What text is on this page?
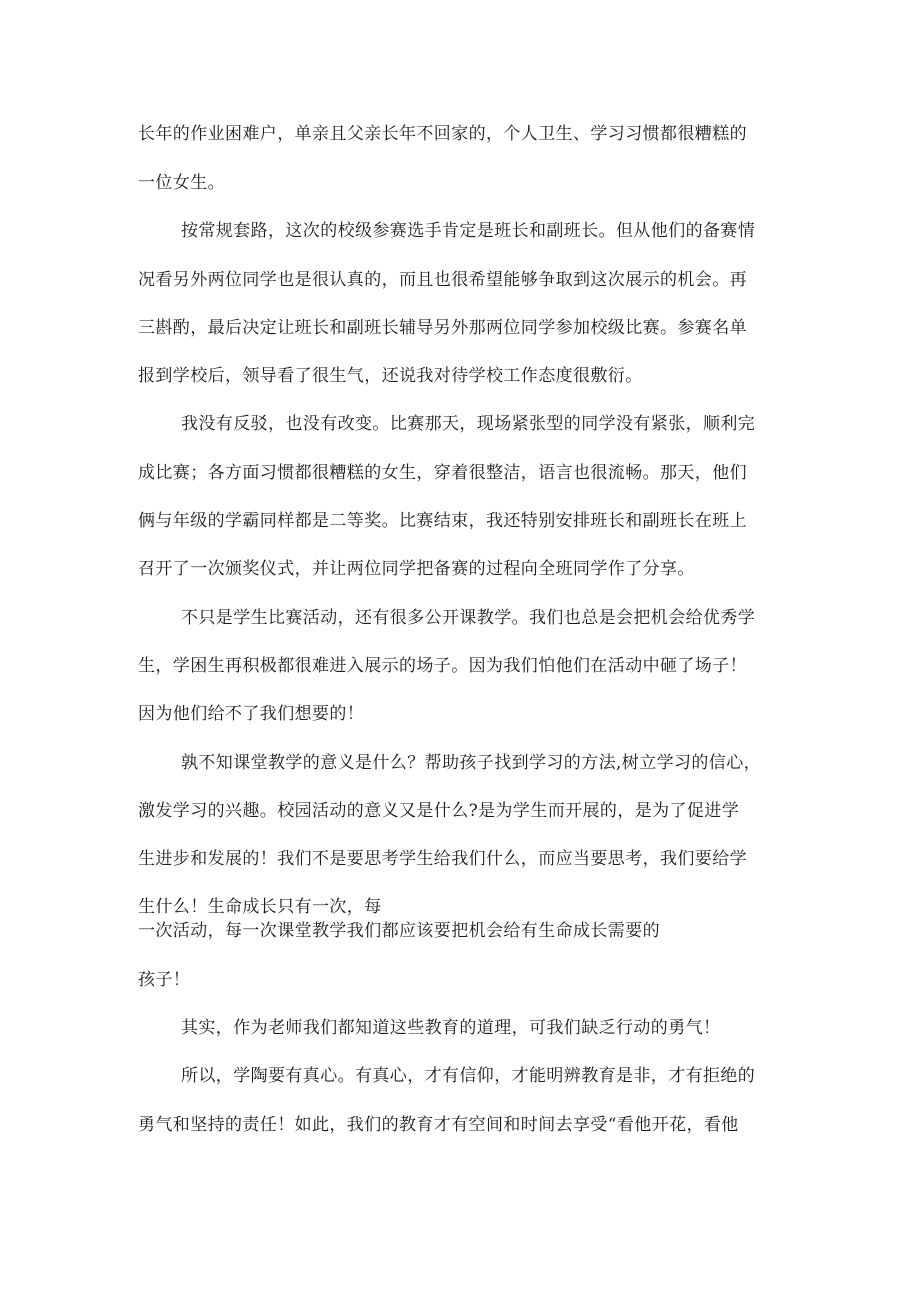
长年的作业困难户，单亲且父亲长年不回家的，个人卫生、学习习惯都很糟糕的
一位女生。
按常规套路，这次的校级参赛选手肯定是班长和副班长。但从他们的备赛情
况看另外两位同学也是很认真的，而且也很希望能够争取到这次展示的机会。再
三斟酌，最后决定让班长和副班长辅导另外那两位同学参加校级比赛。参赛名单
报到学校后，领导看了很生气，还说我对待学校工作态度很敷衍。
我没有反驳，也没有改变。比赛那天，现场紧张型的同学没有紧张，顺利完
成比赛；各方面习惯都很糟糕的女生，穿着很整洁，语言也很流畅。那天，他们
俩与年级的学霸同样都是二等奖。比赛结束，我还特别安排班长和副班长在班上
召开了一次颁奖仪式，并让两位同学把备赛的过程向全班同学作了分享。
不只是学生比赛活动，还有很多公开课教学。我们也总是会把机会给优秀学
生，学困生再积极都很难进入展示的场子。因为我们怕他们在活动中砸了场子！
因为他们给不了我们想要的！
孰不知课堂教学的意义是什么？帮助孩子找到学习的方法,树立学习的信心，
激发学习的兴趣。校园活动的意义又是什么?是为学生而开展的，是为了促进学
生进步和发展的！我们不是要思考学生给我们什么，而应当要思考，我们要给学
生什么！生命成长只有一次，每
一次活动，每一次课堂教学我们都应该要把机会给有生命成长需要的
孩子！
其实，作为老师我们都知道这些教育的道理，可我们缺乏行动的勇气！
所以，学陶要有真心。有真心，才有信仰，才能明辨教育是非，才有拒绝的
勇气和坚持的责任！如此，我们的教育才有空间和时间去享受“看他开花，看他
